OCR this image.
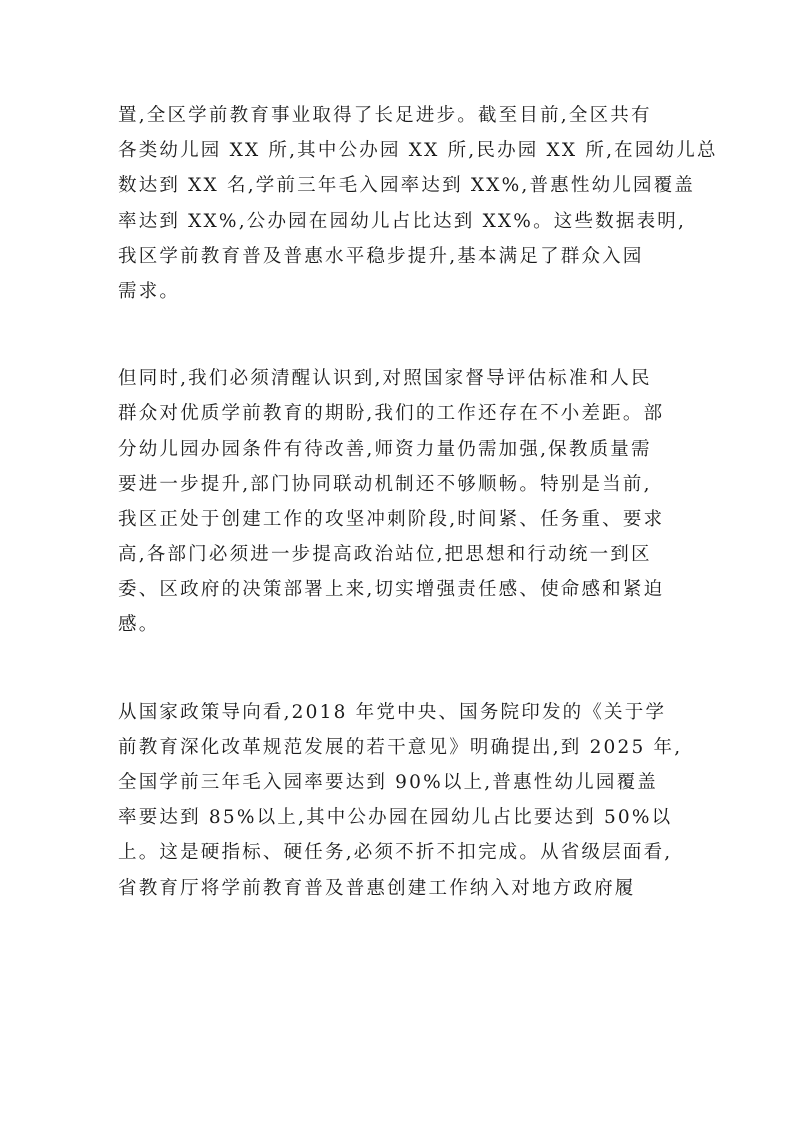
置,全区学前教育事业取得了长足进步。截至目前,全区共有
各类幼儿园 XX 所,其中公办园 XX 所,民办园 XX 所,在园幼儿总
数达到 XX 名,学前三年毛入园率达到 XX%,普惠性幼儿园覆盖
率达到 XX%,公办园在园幼儿占比达到 XX%。这些数据表明,
我区学前教育普及普惠水平稳步提升,基本满足了群众入园
需求。
但同时,我们必须清醒认识到,对照国家督导评估标准和人民
群众对优质学前教育的期盼,我们的工作还存在不小差距。部
分幼儿园办园条件有待改善,师资力量仍需加强,保教质量需
要进一步提升,部门协同联动机制还不够顺畅。特别是当前,
我区正处于创建工作的攻坚冲刺阶段,时间紧、任务重、要求
高,各部门必须进一步提高政治站位,把思想和行动统一到区
委、区政府的决策部署上来,切实增强责任感、使命感和紧迫
感。
从国家政策导向看,2018 年党中央、国务院印发的《关于学
前教育深化改革规范发展的若干意见》明确提出,到 2025 年,
全国学前三年毛入园率要达到 90%以上,普惠性幼儿园覆盖
率要达到 85%以上,其中公办园在园幼儿占比要达到 50%以
上。这是硬指标、硬任务,必须不折不扣完成。从省级层面看,
省教育厅将学前教育普及普惠创建工作纳入对地方政府履
